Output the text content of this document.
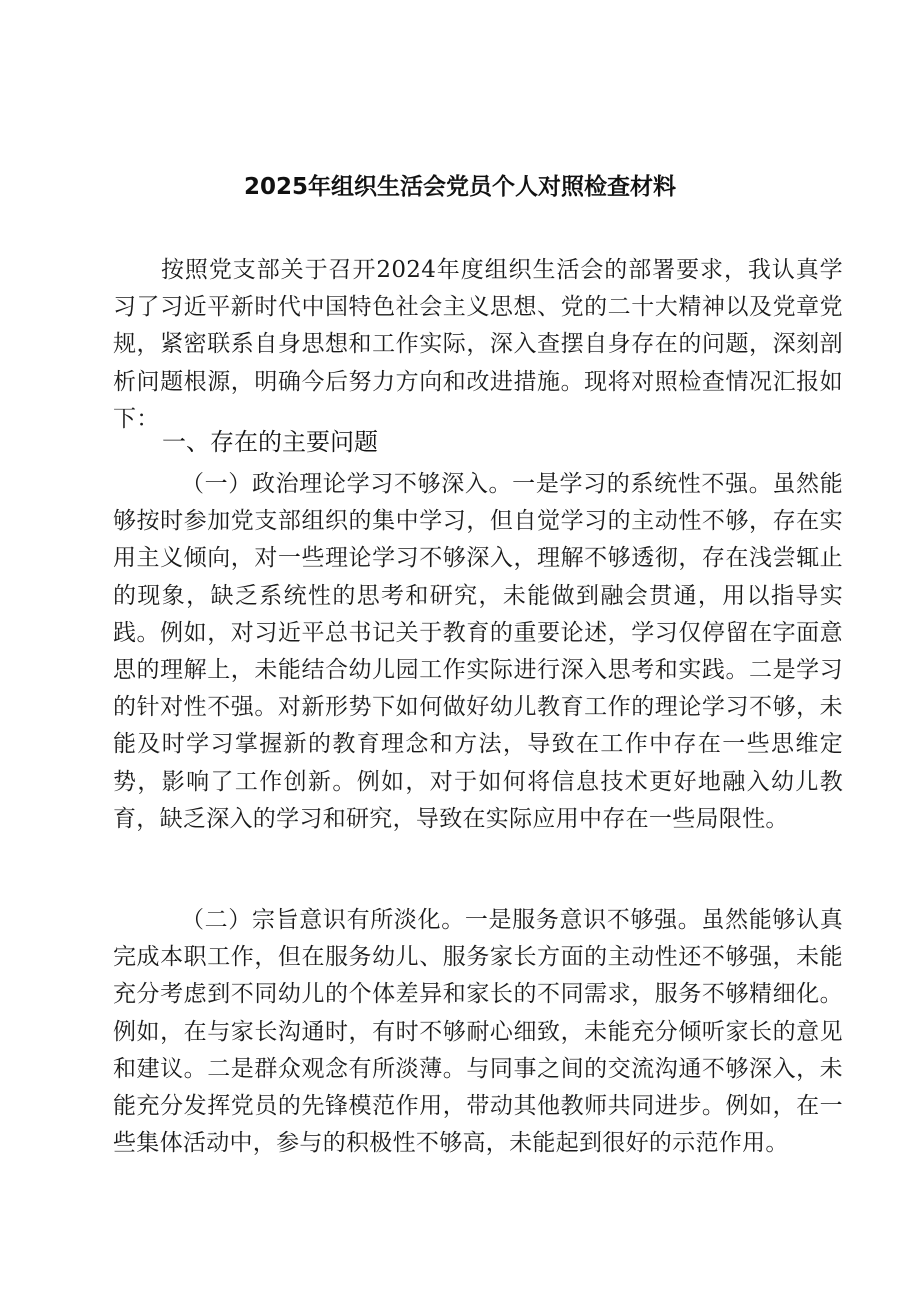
2025年组织生活会党员个人对照检查材料

按照党支部关于召开2024年度组织生活会的部署要求，我认真学习了习近平新时代中国特色社会主义思想、党的二十大精神以及党章党规，紧密联系自身思想和工作实际，深入查摆自身存在的问题，深刻剖析问题根源，明确今后努力方向和改进措施。现将对照检查情况汇报如下：

一、存在的主要问题

（一）政治理论学习不够深入。一是学习的系统性不强。虽然能够按时参加党支部组织的集中学习，但自觉学习的主动性不够，存在实用主义倾向，对一些理论学习不够深入，理解不够透彻，存在浅尝辄止的现象，缺乏系统性的思考和研究，未能做到融会贯通，用以指导实践。例如，对习近平总书记关于教育的重要论述，学习仅停留在字面意思的理解上，未能结合幼儿园工作实际进行深入思考和实践。二是学习的针对性不强。对新形势下如何做好幼儿教育工作的理论学习不够，未能及时学习掌握新的教育理念和方法，导致在工作中存在一些思维定势，影响了工作创新。例如，对于如何将信息技术更好地融入幼儿教育，缺乏深入的学习和研究，导致在实际应用中存在一些局限性。

（二）宗旨意识有所淡化。一是服务意识不够强。虽然能够认真完成本职工作，但在服务幼儿、服务家长方面的主动性还不够强，未能充分考虑到不同幼儿的个体差异和家长的不同需求，服务不够精细化。例如，在与家长沟通时，有时不够耐心细致，未能充分倾听家长的意见和建议。二是群众观念有所淡薄。与同事之间的交流沟通不够深入，未能充分发挥党员的先锋模范作用，带动其他教师共同进步。例如，在一些集体活动中，参与的积极性不够高，未能起到很好的示范作用。
